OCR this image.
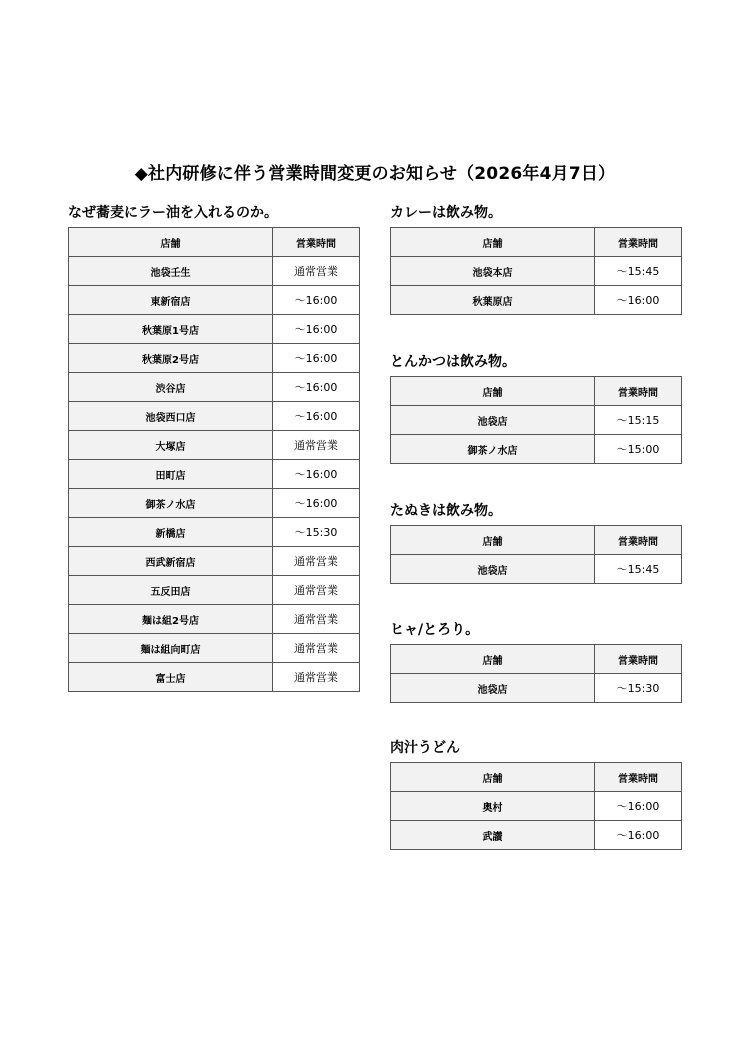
◆社内研修に伴う営業時間変更のお知らせ（2026年4月7日）
なぜ蕎麦にラー油を入れるのか。
店舗	営業時間
池袋壬生	通常営業
東新宿店	～16:00
秋葉原1号店	～16:00
秋葉原2号店	～16:00
渋谷店	～16:00
池袋西口店	～16:00
大塚店	通常営業
田町店	～16:00
御茶ノ水店	～16:00
新橋店	～15:30
西武新宿店	通常営業
五反田店	通常営業
麺は組2号店	通常営業
麺は組向町店	通常営業
富士店	通常営業
カレーは飲み物。
店舗	営業時間
池袋本店	～15:45
秋葉原店	～16:00
とんかつは飲み物。
店舗	営業時間
池袋店	～15:15
御茶ノ水店	～15:00
たぬきは飲み物。
店舗	営業時間
池袋店	～15:45
ヒャ/とろり。
店舗	営業時間
池袋店	～15:30
肉汁うどん
店舗	営業時間
奥村	～16:00
武讃	～16:00
